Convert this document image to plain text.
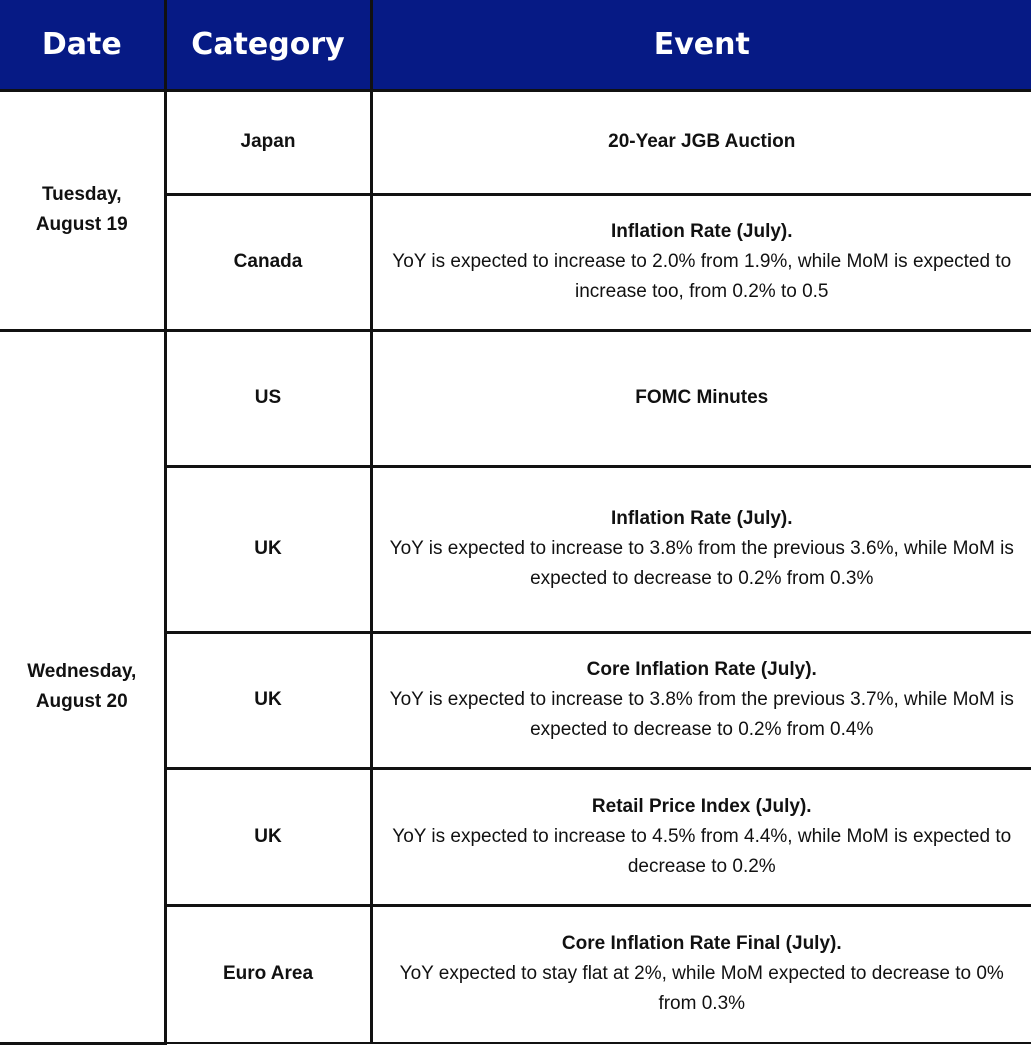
Date	Category	Event
Tuesday,
August 19	Japan	20-Year JGB Auction

	Canada	Inflation Rate (July).
YoY is expected to increase to 2.0% from 1.9%, while MoM is expected to increase too, from 0.2% to 0.5

Wednesday,
August 20	US	FOMC Minutes

	UK	Inflation Rate (July).
YoY is expected to increase to 3.8% from the previous 3.6%, while MoM is expected to decrease to 0.2% from 0.3%

	UK	Core Inflation Rate (July).
YoY is expected to increase to 3.8% from the previous 3.7%, while MoM is expected to decrease to 0.2% from 0.4%

	UK	Retail Price Index (July).
YoY is expected to increase to 4.5% from 4.4%, while MoM is expected to decrease to 0.2%

	Euro Area	Core Inflation Rate Final (July).
YoY expected to stay flat at 2%, while MoM expected to decrease to 0% from 0.3%
